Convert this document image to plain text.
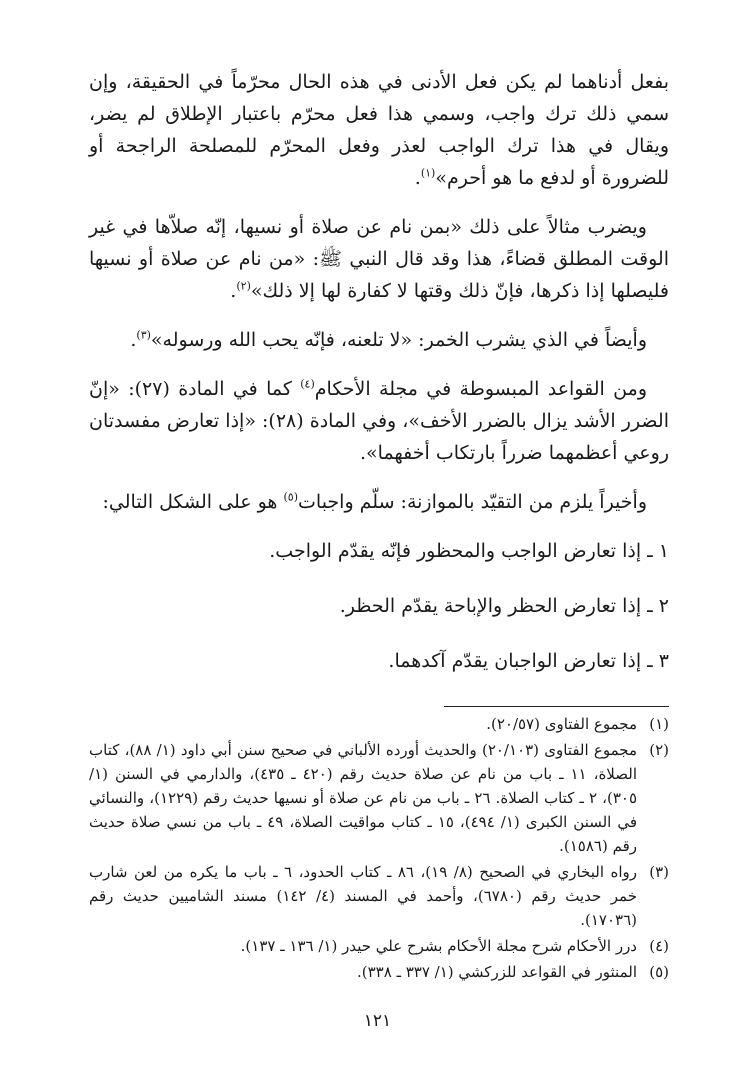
بفعل أدناهما لم يكن فعل الأدنى في هذه الحال محرّماً في الحقيقة، وإن سمي ذلك ترك واجب، وسمي هذا فعل محرّم باعتبار الإطلاق لم يضر، ويقال في هذا ترك الواجب لعذر وفعل المحرّم للمصلحة الراجحة أو للضرورة أو لدفع ما هو أحرم»$^{(١)}$.

ويضرب مثالاً على ذلك «بمن نام عن صلاة أو نسيها، إنّه صلاّها في غير الوقت المطلق قضاءً، هذا وقد قال النبي ﷺ: «من نام عن صلاة أو نسيها فليصلها إذا ذكرها، فإنّ ذلك وقتها لا كفارة لها إلا ذلك»$^{(٢)}$.

وأيضاً في الذي يشرب الخمر: «لا تلعنه، فإنّه يحب الله ورسوله»$^{(٣)}$.

ومن القواعد المبسوطة في مجلة الأحكام$^{(٤)}$ كما في المادة (٢٧): «إنّ الضرر الأشد يزال بالضرر الأخف»، وفي المادة (٢٨): «إذا تعارض مفسدتان روعي أعظمهما ضرراً بارتكاب أخفهما».

وأخيراً يلزم من التقيّد بالموازنة: سلّم واجبات$^{(٥)}$ هو على الشكل التالي:

١ ـ إذا تعارض الواجب والمحظور فإنّه يقدّم الواجب.
٢ ـ إذا تعارض الحظر والإباحة يقدّم الحظر.
٣ ـ إذا تعارض الواجبان يقدّم آكدهما.
(١)
مجموع الفتاوى (٢٠/٥٧).
(٢)
مجموع الفتاوى (٢٠/١٠٣) والحديث أورده الألباني في صحيح سنن أبي داود (١/ ٨٨)، كتاب الصلاة، ١١ ـ باب من نام عن صلاة حديث رقم (٤٢٠ ـ ٤٣٥)، والدارمي في السنن (١/ ٣٠٥)، ٢ ـ كتاب الصلاة. ٢٦ ـ باب من نام عن صلاة أو نسيها حديث رقم (١٢٢٩)، والنسائي في السنن الكبرى (١/ ٤٩٤)، ١٥ ـ كتاب مواقيت الصلاة، ٤٩ ـ باب من نسي صلاة حديث رقم (١٥٨٦).
(٣)
رواه البخاري في الصحيح (٨/ ١٩)، ٨٦ ـ كتاب الحدود، ٦ ـ باب ما يكره من لعن شارب خمر حديث رقم (٦٧٨٠)، وأحمد في المسند (٤/ ١٤٢) مسند الشاميين حديث رقم (١٧٠٣٦).
(٤)
درر الأحكام شرح مجلة الأحكام بشرح علي حيدر (١/ ١٣٦ ـ ١٣٧).
(٥)
المنثور في القواعد للزركشي (١/ ٣٣٧ ـ ٣٣٨).
١٢١
